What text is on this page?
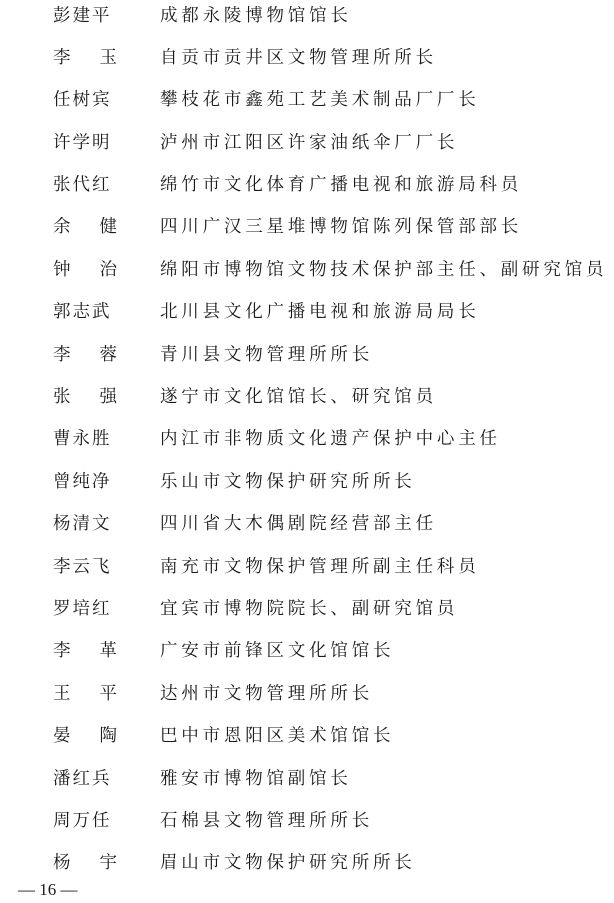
彭建平	成都永陵博物馆馆长
李玉 自贡市贡井区文物管理所所长
任树宾	攀枝花市鑫苑工艺美术制品厂厂长
许学明	泸州市江阳区许家油纸伞厂厂长
张代红	绵竹市文化体育广播电视和旅游局科员
余健 四川广汉三星堆博物馆陈列保管部部长
钟治 绵阳市博物馆文物技术保护部主任、副研究馆员
郭志武	北川县文化广播电视和旅游局局长
李蓉 青川县文物管理所所长
张强 遂宁市文化馆馆长、研究馆员
曹永胜	内江市非物质文化遗产保护中心主任
曾纯净	乐山市文物保护研究所所长
杨清文	四川省大木偶剧院经营部主任
李云飞	南充市文物保护管理所副主任科员
罗培红	宜宾市博物院院长、副研究馆员
李革 广安市前锋区文化馆馆长
王平 达州市文物管理所所长
晏陶 巴中市恩阳区美术馆馆长
潘红兵	雅安市博物馆副馆长
周万任	石棉县文物管理所所长
杨宇 眉山市文物保护研究所所长
— 16 —
